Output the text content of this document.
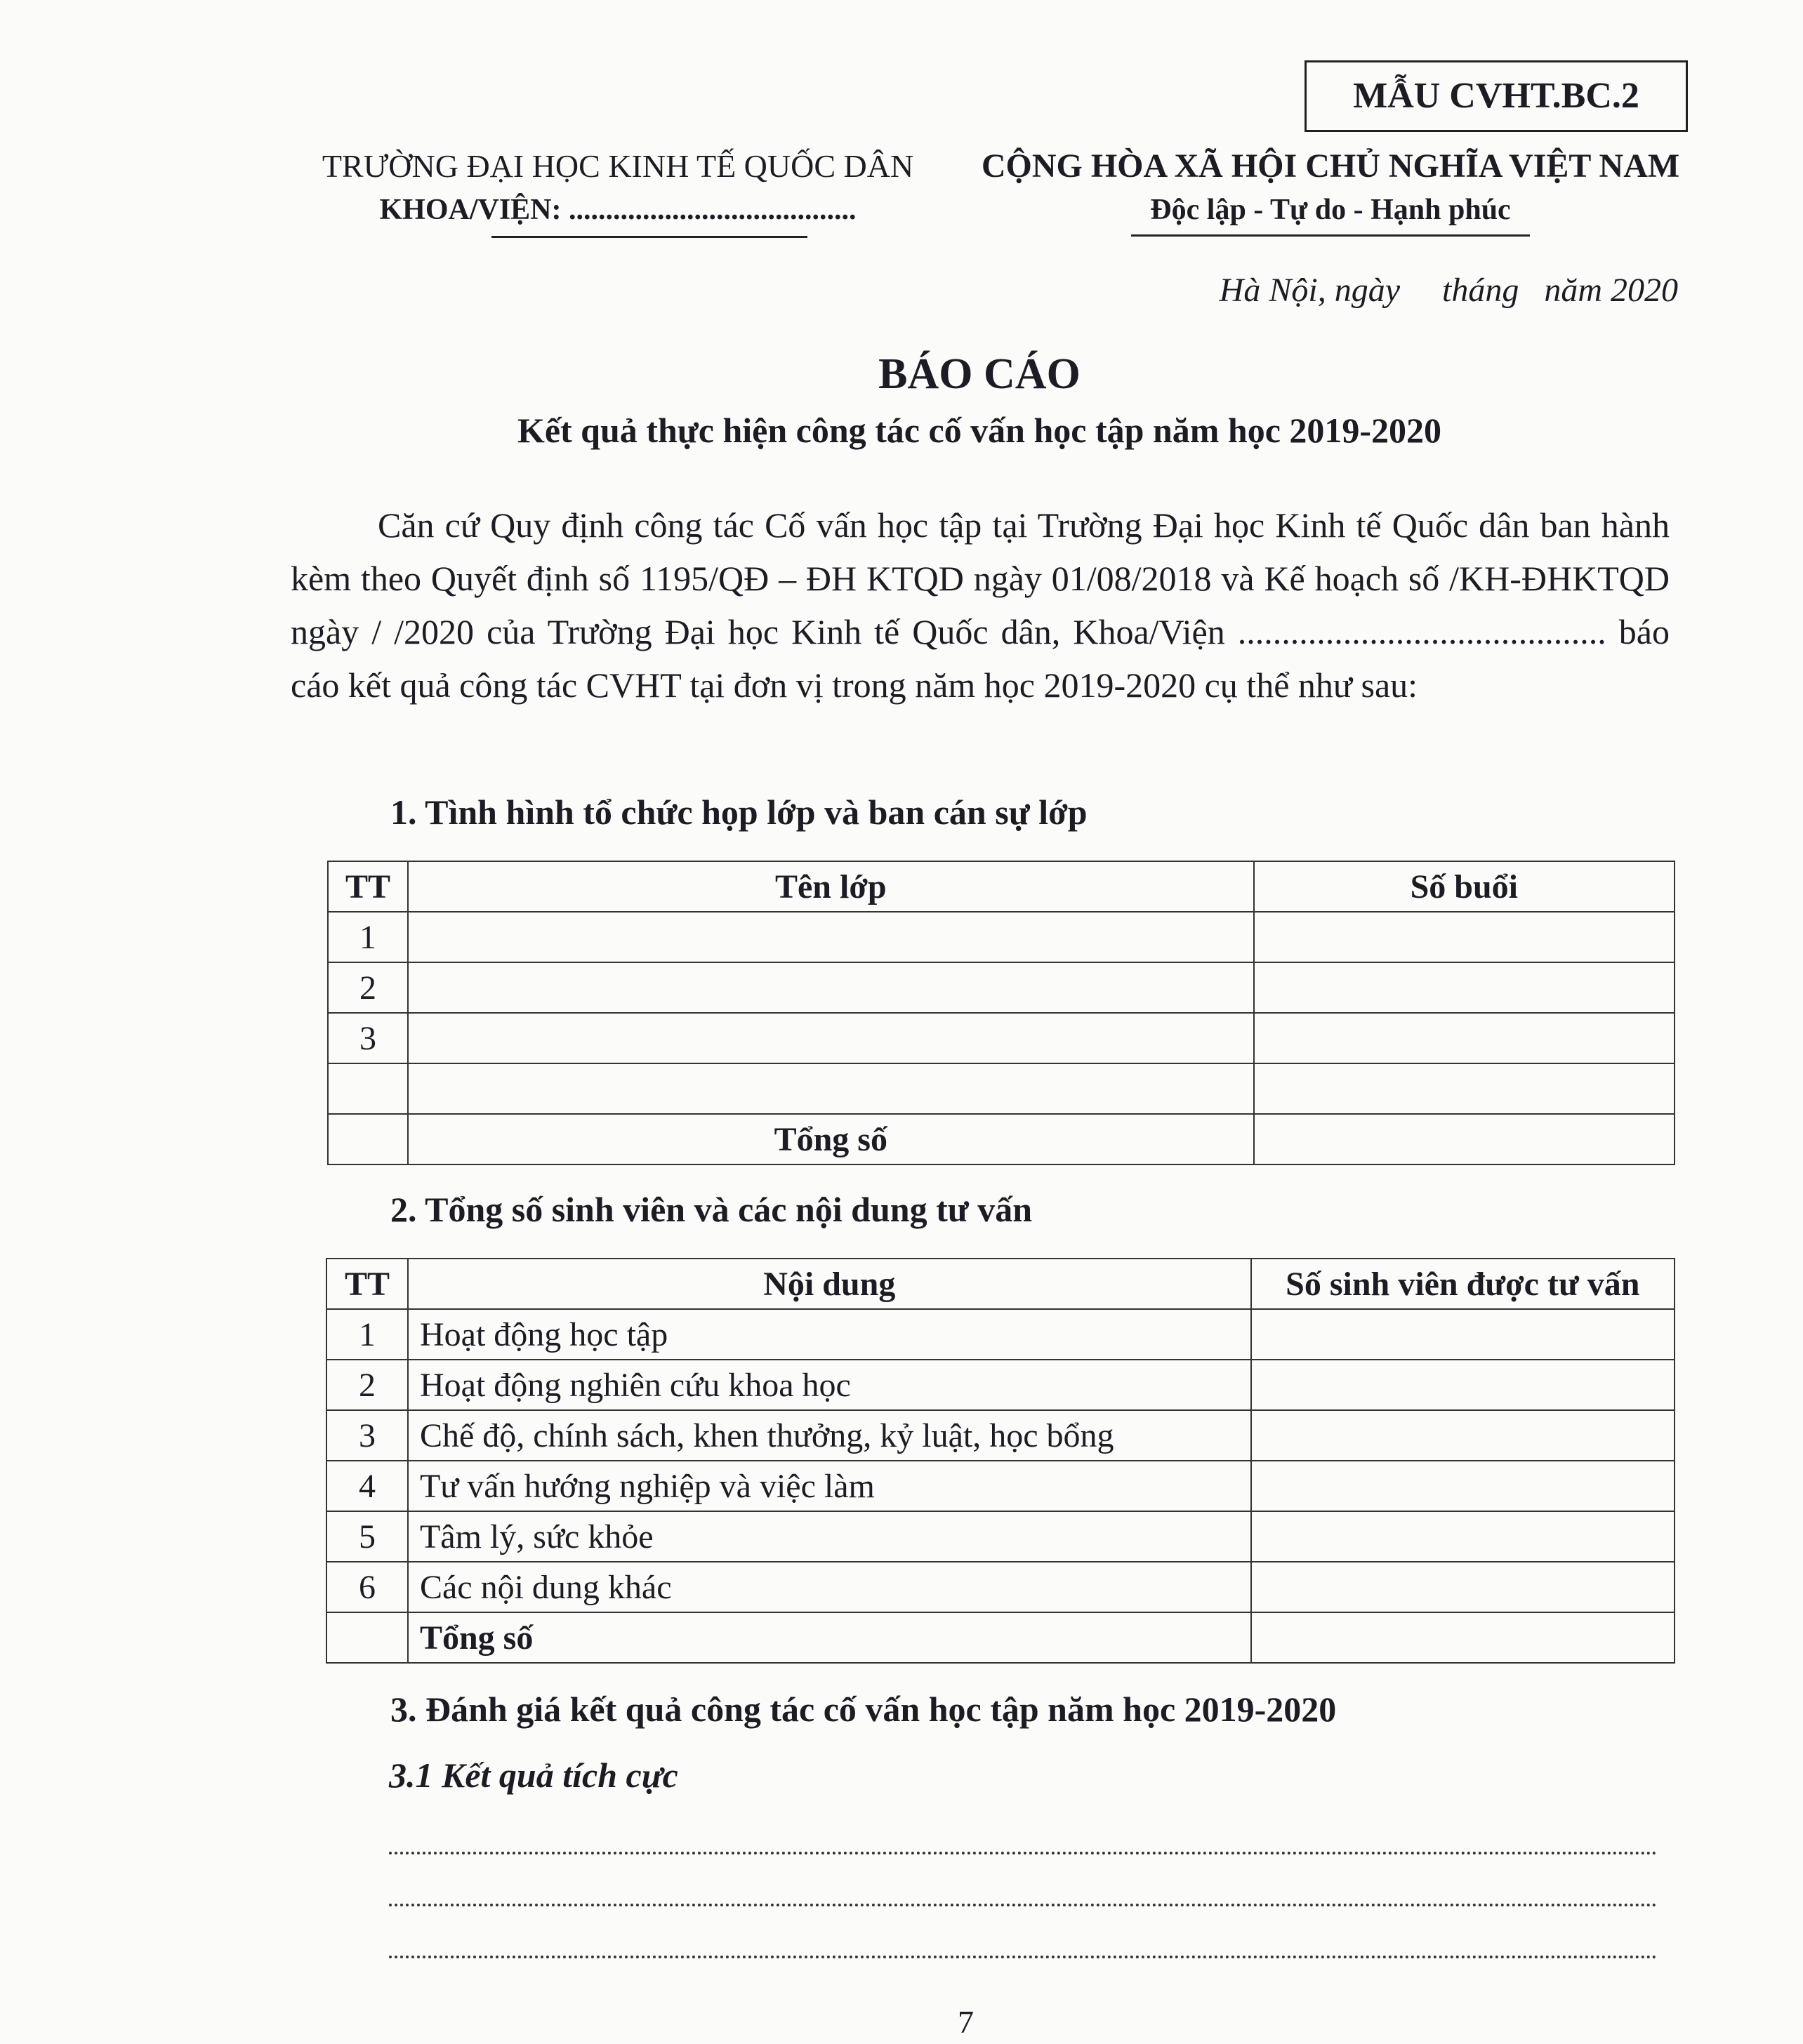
MẪU CVHT.BC.2
TRƯỜNG ĐẠI HỌC KINH TẾ QUỐC DÂN
KHOA/VIỆN: .......................................
CỘNG HÒA XÃ HỘI CHỦ NGHĨA VIỆT NAM
Độc lập - Tự do - Hạnh phúc
Hà Nội, ngày     tháng   năm 2020
BÁO CÁO
Kết quả thực hiện công tác cố vấn học tập năm học 2019-2020
Căn cứ Quy định công tác Cố vấn học tập tại Trường Đại học Kinh tế Quốc dân ban hành kèm theo Quyết định số 1195/QĐ – ĐH KTQD ngày 01/08/2018 và Kế hoạch số /KH-ĐHKTQD ngày / /2020 của Trường Đại học Kinh tế Quốc dân, Khoa/Viện .......................................... báo cáo kết quả công tác CVHT tại đơn vị trong năm học 2019-2020 cụ thể như sau:
1. Tình hình tổ chức họp lớp và ban cán sự lớp
TT	Tên lớp	Số buổi
1		
2		
3		

	Tổng số	
2. Tổng số sinh viên và các nội dung tư vấn
TT	Nội dung	Số sinh viên được tư vấn
1	Hoạt động học tập	
2	Hoạt động nghiên cứu khoa học	
3	Chế độ, chính sách, khen thưởng, kỷ luật, học bổng	
4	Tư vấn hướng nghiệp và việc làm	
5	Tâm lý, sức khỏe	
6	Các nội dung khác	
	Tổng số	
3. Đánh giá kết quả công tác cố vấn học tập năm học 2019-2020
3.1 Kết quả tích cực
7
